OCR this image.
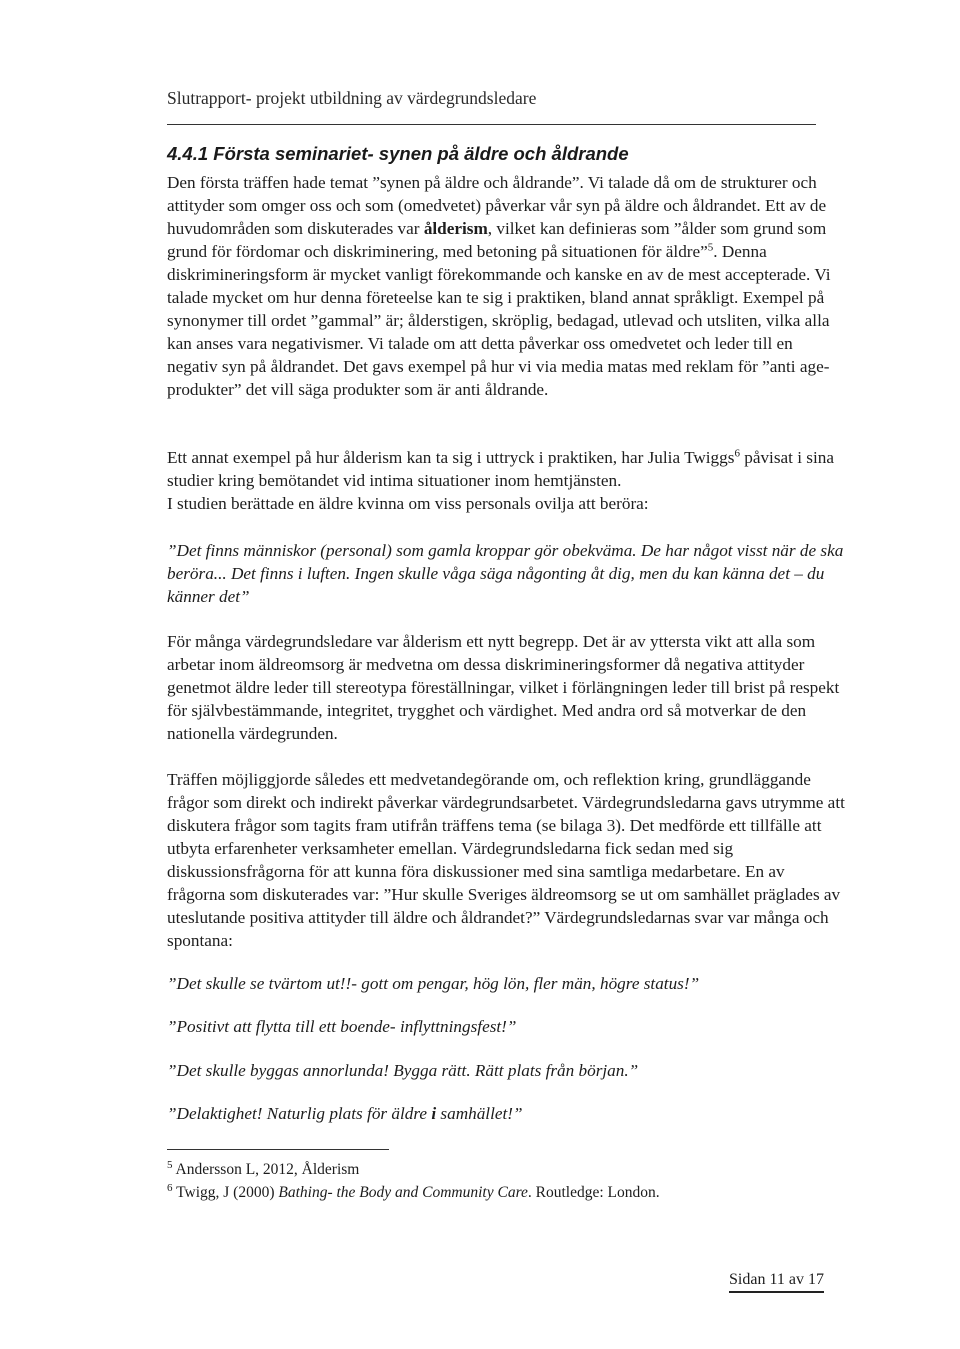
Slutrapport- projekt utbildning av värdegrundsledare
4.4.1 Första seminariet- synen på äldre och åldrande

Den första träffen hade temat ”synen på äldre och åldrande”. Vi talade då om de strukturer och attityder som omger oss och som (omedvetet) påverkar vår syn på äldre och åldrandet. Ett av de huvudområden som diskuterades var ålderism, vilket kan definieras som ”ålder som grund som grund för fördomar och diskriminering, med betoning på situationen för äldre”$^5$. Denna diskrimineringsform är mycket vanligt förekommande och kanske en av de mest accepterade. Vi talade mycket om hur denna företeelse kan te sig i praktiken, bland annat språkligt. Exempel på synonymer till ordet ”gammal” är; ålderstigen, skröplig, bedagad, utlevad och utsliten, vilka alla kan anses vara negativismer. Vi talade om att detta påverkar oss omedvetet och leder till en negativ syn på åldrandet. Det gavs exempel på hur vi via media matas med reklam för ”anti age-produkter” det vill säga produkter som är anti åldrande.

Ett annat exempel på hur ålderism kan ta sig i uttryck i praktiken, har Julia Twiggs$^6$ påvisat i sina studier kring bemötandet vid intima situationer inom hemtjänsten.
I studien berättade en äldre kvinna om viss personals ovilja att beröra:

”Det finns människor (personal) som gamla kroppar gör obekväma. De har något visst när de ska beröra... Det finns i luften. Ingen skulle våga säga någonting åt dig, men du kan känna det – du känner det”

För många värdegrundsledare var ålderism ett nytt begrepp. Det är av yttersta vikt att alla som arbetar inom äldreomsorg är medvetna om dessa diskrimineringsformer då negativa attityder genetmot äldre leder till stereotypa föreställningar, vilket i förlängningen leder till brist på respekt för självbestämmande, integritet, trygghet och värdighet. Med andra ord så motverkar de den nationella värdegrunden.

Träffen möjliggjorde således ett medvetandegörande om, och reflektion kring, grundläggande frågor som direkt och indirekt påverkar värdegrundsarbetet. Värdegrundsledarna gavs utrymme att diskutera frågor som tagits fram utifrån träffens tema (se bilaga 3). Det medförde ett tillfälle att utbyta erfarenheter verksamheter emellan. Värdegrundsledarna fick sedan med sig diskussionsfrågorna för att kunna föra diskussioner med sina samtliga medarbetare. En av frågorna som diskuterades var: ”Hur skulle Sveriges äldreomsorg se ut om samhället präglades av uteslutande positiva attityder till äldre och åldrandet?” Värdegrundsledarnas svar var många och spontana:

”Det skulle se tvärtom ut!!- gott om pengar, hög lön, fler män, högre status!”

”Positivt att flytta till ett boende- inflyttningsfest!”

”Det skulle byggas annorlunda! Bygga rätt. Rätt plats från början.”

”Delaktighet! Naturlig plats för äldre i samhället!”

$^5$ Andersson L, 2012, Ålderism

$^6$ Twigg, J (2000) Bathing- the Body and Community Care. Routledge: London.

Sidan 11 av 17
